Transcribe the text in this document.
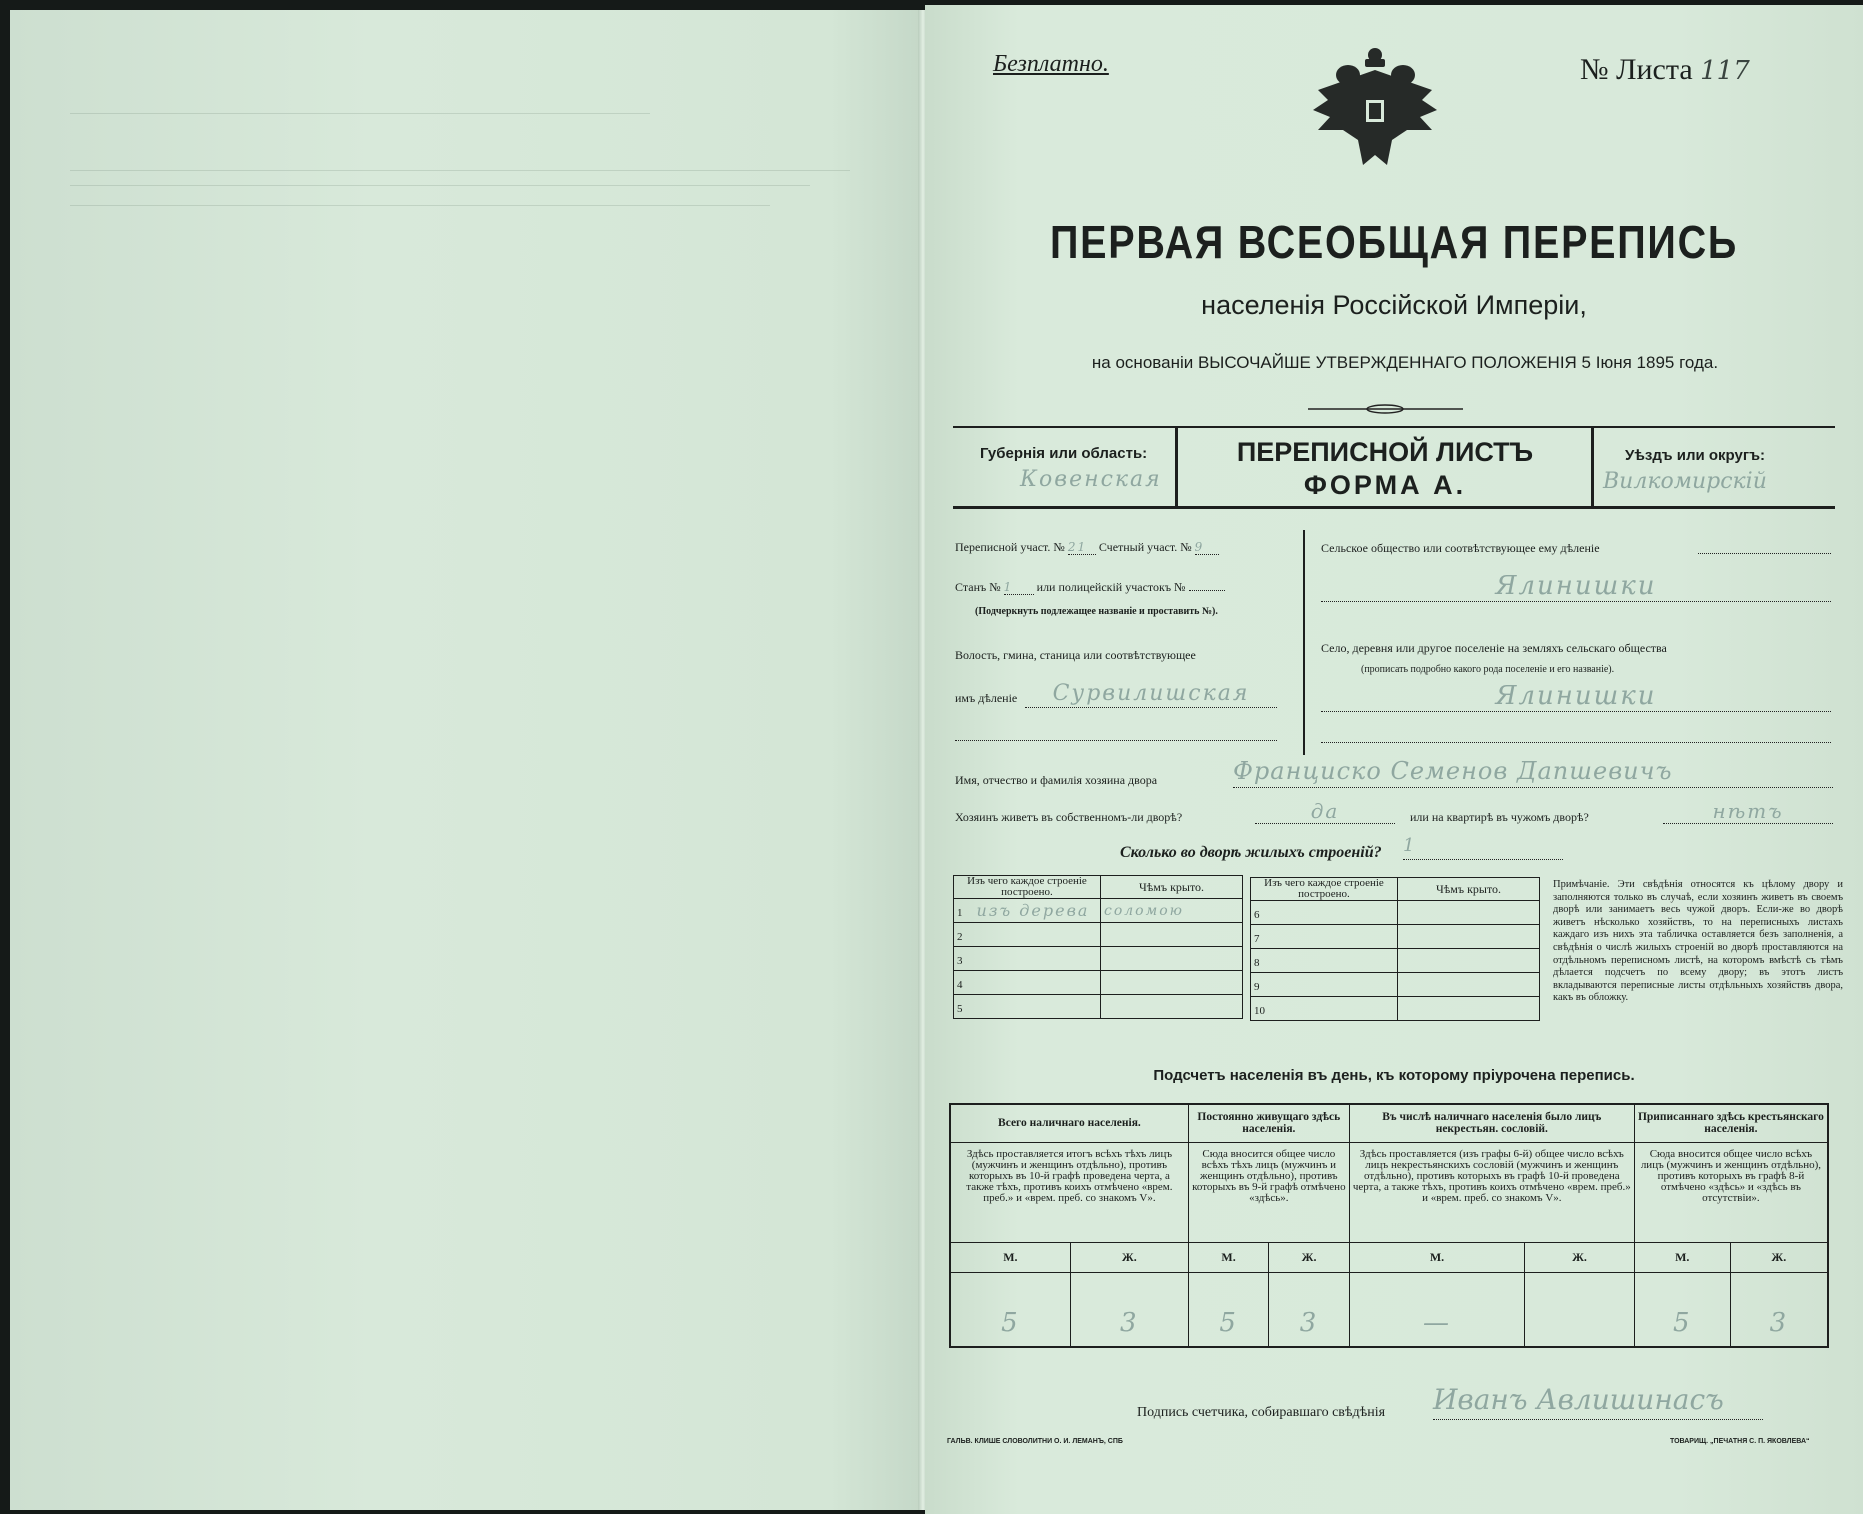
Безплатно.	№ Листа 117
ПЕРВАЯ ВСЕОБЩАЯ ПЕРЕПИСЬ
населенія Россійской Имперіи,
на основаніи ВЫСОЧАЙШЕ УТВЕРЖДЕННАГО ПОЛОЖЕНІЯ 5 Іюня 1895 года.
Губернія или область:
Ковенская
ПЕРЕПИСНОЙ ЛИСТЪ
ФОРМА А.
Уѣздъ или округъ:
Вилкомирскій
Переписной участ. № 21 Счетный участ. № 9
Станъ № 1 или полицейскій участокъ №
(Подчеркнуть подлежащее названіе и проставить №).
Волость, гмина, станица или соотвѣтствующее
имъ дѣленіе	Сурвилишская
Сельское общество или соотвѣтствующее ему дѣленіе
Ялинишки
Село, деревня или другое поселеніе на земляхъ сельскаго общества
(прописать подробно какого рода поселеніе и его названіе).
Ялинишки
Имя, отчество и фамилія хозяина двора	Франциско Семенов Дапшевичъ
Хозяинъ живетъ въ собственномъ-ли дворѣ?	да	или на квартирѣ въ чужомъ дворѣ?	нѣтъ
Сколько во дворѣ жилыхъ строеній? 1
Изъ чего каждое строеніе построено.	Чѣмъ крыто.
1 изъ дерева	соломою
2	
3	
4	
5	
Изъ чего каждое строеніе построено.	Чѣмъ крыто.
6	
7	
8	
9	
10	
Примѣчаніе. Эти свѣдѣнія относятся къ цѣлому двору и заполняются только въ случаѣ, если хозяинъ живетъ въ своемъ дворѣ или занимаетъ весь чужой дворъ. Если-же во дворѣ живетъ нѣсколько хозяйствъ, то на переписныхъ листахъ каждаго изъ нихъ эта табличка оставляется безъ заполненія, а свѣдѣнія о числѣ жилыхъ строеній во дворѣ проставляются на отдѣльномъ переписномъ листѣ, на которомъ вмѣстѣ съ тѣмъ дѣлается подсчетъ по всему двору; въ этотъ листъ вкладываются переписные листы отдѣльныхъ хозяйствъ двора, какъ въ обложку.
Подсчетъ населенія въ день, къ которому пріурочена перепись.
Всего наличнаго населенія.		Постоянно живущаго здѣсь населенія.		Въ числѣ наличнаго населенія было лицъ некрестьян. сословій.		Приписаннаго здѣсь крестьянскаго населенія.	
Здѣсь проставляется итогъ всѣхъ тѣхъ лицъ (мужчинъ и женщинъ отдѣльно), противъ которыхъ въ 10-й графѣ проведена черта, а также тѣхъ, противъ коихъ отмѣчено «врем. преб.» и «врем. преб. со знакомъ V».		Сюда вносится общее число всѣхъ тѣхъ лицъ (мужчинъ и женщинъ отдѣльно), противъ которыхъ въ 9-й графѣ отмѣчено «здѣсь».		Здѣсь проставляется (изъ графы 6-й) общее число всѣхъ лицъ некрестьянскихъ сословій (мужчинъ и женщинъ отдѣльно), противъ которыхъ въ графѣ 10-й проведена черта, а также тѣхъ, противъ коихъ отмѣчено «врем. преб.» и «врем. преб. со знакомъ V».		Сюда вносится общее число всѣхъ лицъ (мужчинъ и женщинъ отдѣльно), противъ которыхъ въ графѣ 8-й отмѣчено «здѣсь» и «здѣсь въ отсутствіи».	
М.	Ж.	М.	Ж.	М.	Ж.	М.	Ж.
5	3	5	3	—		5	3
Подпись счетчика, собиравшаго свѣдѣнія Иванъ Авлишинасъ
ГАЛЬВ. КЛИШЕ СЛОВОЛИТНИ О. И. ЛЕМАНЪ, СПБ	ТОВАРИЩ. „ПЕЧАТНЯ С. П. ЯКОВЛЕВА“
